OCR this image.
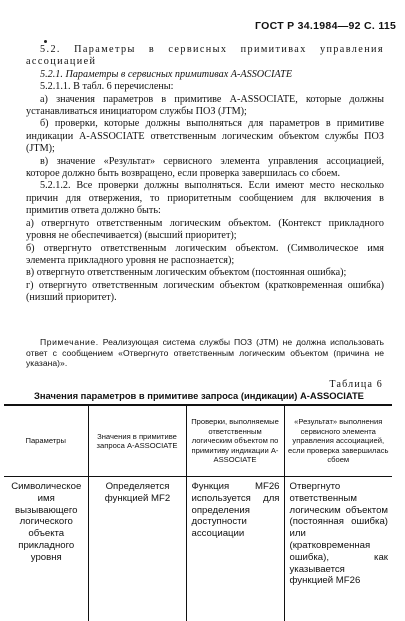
ГОСТ Р 34.1984—92 С. 115

5.2. Параметры в сервисных примитивах управления ассоциацией

5.2.1. Параметры в сервисных примитивах A-ASSOCIATE

5.2.1.1. В табл. 6 перечислены:

а) значения параметров в примитиве A-ASSOCIATE, которые должны устанавливаться инициатором службы ПОЗ (JTM);

б) проверки, которые должны выполняться для параметров в примитиве индикации A-ASSOCIATE ответственным логическим объектом службы ПОЗ (JTM);

в) значение «Результат» сервисного элемента управления ассоциацией, которое должно быть возвращено, если проверка завершилась со сбоем.

5.2.1.2. Все проверки должны выполняться. Если имеют место несколько причин для отвержения, то приоритетным сообщением для включения в примитив ответа должно быть:

а) отвергнуто ответственным логическим объектом. (Контекст прикладного уровня не обеспечивается) (высший приоритет);

б) отвергнуто ответственным логическим объектом. (Символическое имя элемента прикладного уровня не распознается);

в) отвергнуто ответственным логическим объектом (постоянная ошибка);

г) отвергнуто ответственным логическим объектом (кратковременная ошибка) (низший приоритет).

Примечание. Реализующая система службы ПОЗ (JTM) не должна использовать ответ с сообщением «Отвергнуто ответственным логическим объектом (причина не указана)».

Таблица 6
Значения параметров в примитиве запроса (индикации) A-ASSOCIATE
Параметры	Значения в примитиве запроса A-ASSOCIATE	Проверки, выполняемые ответственным логическим объектом по примитиву индикации A-ASSOCIATE	«Результат» выполнения сервисного элемента управления ассоциацией, если проверка завершилась сбоем
Символическое имя вызывающего логического объекта прикладного уровня	Определяется функцией MF2	Функция MF26 используется для определения доступности ассоциации	Отвергнуто ответственным логическим объектом (постоянная ошибка) или (кратковременная ошибка), как указывается функцией MF26
